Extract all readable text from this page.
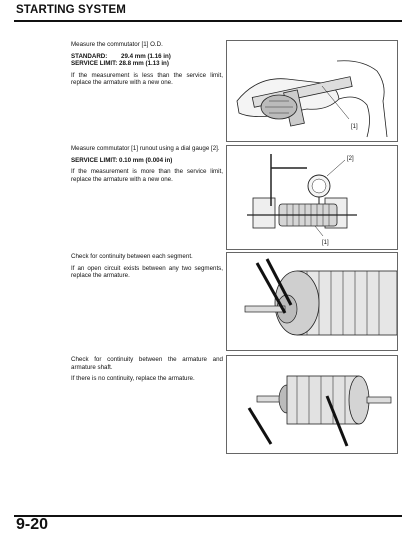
STARTING SYSTEM

Measure the commutator [1] O.D.

STANDARD: 29.4 mm (1.16 in)

SERVICE LIMIT: 28.8 mm (1.13 in)

If the measurement is less than the service limit, replace the armature with a new one.

[1]

Measure commutator [1] runout using a dial gauge [2].

SERVICE LIMIT: 0.10 mm (0.004 in)

If the measurement is more than the service limit, replace the armature with a new one.

[2]
[1]

Check for continuity between each segment.

If an open circuit exists between any two segments, replace the armature.

Check for continuity between the armature and armature shaft.

If there is no continuity, replace the armature.

9-20
